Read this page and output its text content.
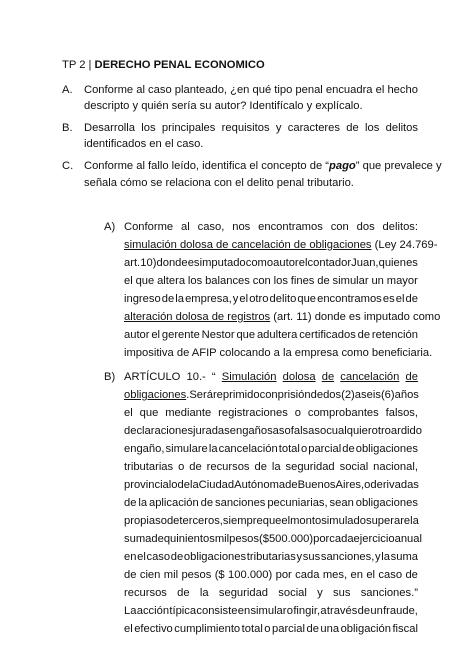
TP 2 | DERECHO PENAL ECONOMICO
A. Conforme al caso planteado, ¿en qué tipo penal encuadra el hecho
descripto y quién sería su autor? Identifícalo y explícalo.
B. Desarrolla los principales requisitos y caracteres de los delitos
identificados en el caso.
C. Conforme al fallo leído, identifica el concepto de “pago” que prevalece y
señala cómo se relaciona con el delito penal tributario.
A) Conforme al caso, nos encontramos con dos delitos:
simulación dolosa de cancelación de obligaciones (Ley 24.769-
art. 10) donde es imputado como autor el contador Juan, quien es
el que altera los balances con los fines de simular un mayor
ingreso de la empresa, y el otro delito que encontramos es el de
alteración dolosa de registros (art. 11) donde es imputado como
autor el gerente Nestor que adultera certificados de retención
impositiva de AFIP colocando a la empresa como beneficiaria.
B) ARTÍCULO 10.- “ Simulación dolosa de cancelación de
obligaciones. Será reprimido con prisión de dos (2) a seis (6) años
el que mediante registraciones o comprobantes falsos,
declaraciones juradas engañosas o falsas o cualquier otro ardid o
engaño, simulare la cancelación total o parcial de obligaciones
tributarias o de recursos de la seguridad social nacional,
provincial o de la Ciudad Autónoma de Buenos Aires, o derivadas
de la aplicación de sanciones pecuniarias, sean obligaciones
propias o de terceros, siempre que el monto simulado superare la
suma de quinientos mil pesos ($ 500.000) por cada ejercicio anual
en el caso de obligaciones tributarias y sus sanciones, y la suma
de cien mil pesos ($ 100.000) por cada mes, en el caso de
recursos de la seguridad social y sus sanciones.”
La acción típica consiste en simular o fingir, a través de un fraude,
el efectivo cumplimiento total o parcial de una obligación fiscal
